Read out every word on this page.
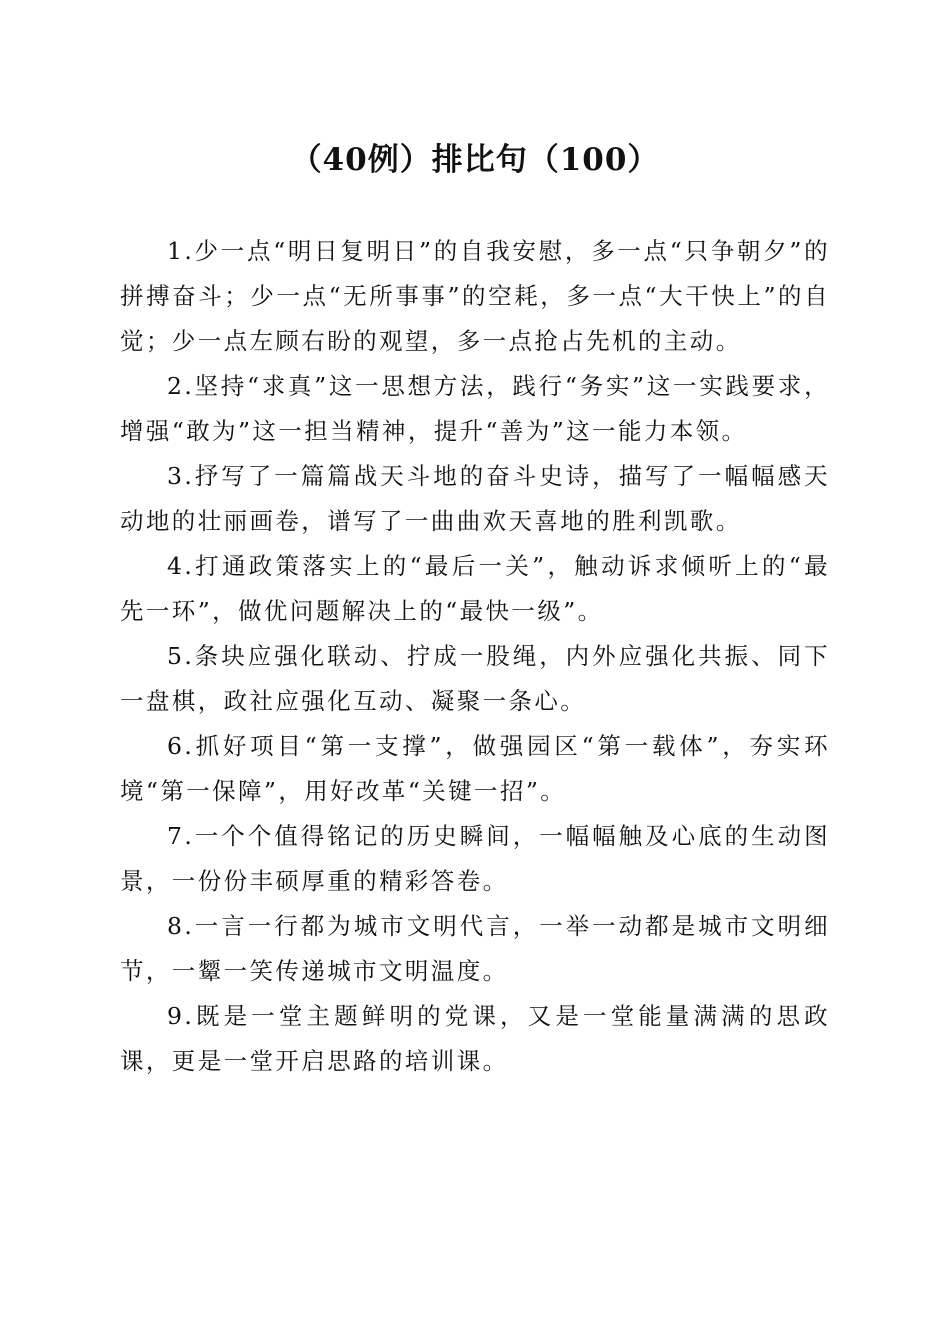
（40例）排比句（100）

1.少一点“明日复明日”的自我安慰，多一点“只争朝夕”的拼搏奋斗；少一点“无所事事”的空耗，多一点“大干快上”的自觉；少一点左顾右盼的观望，多一点抢占先机的主动。

2.坚持“求真”这一思想方法，践行“务实”这一实践要求，增强“敢为”这一担当精神，提升“善为”这一能力本领。

3.抒写了一篇篇战天斗地的奋斗史诗，描写了一幅幅感天动地的壮丽画卷，谱写了一曲曲欢天喜地的胜利凯歌。

4.打通政策落实上的“最后一关”，触动诉求倾听上的“最先一环”，做优问题解决上的“最快一级”。

5.条块应强化联动、拧成一股绳，内外应强化共振、同下一盘棋，政社应强化互动、凝聚一条心。

6.抓好项目“第一支撑”，做强园区“第一载体”，夯实环境“第一保障”，用好改革“关键一招”。

7.一个个值得铭记的历史瞬间，一幅幅触及心底的生动图景，一份份丰硕厚重的精彩答卷。

8.一言一行都为城市文明代言，一举一动都是城市文明细节，一颦一笑传递城市文明温度。

9.既是一堂主题鲜明的党课，又是一堂能量满满的思政课，更是一堂开启思路的培训课。
